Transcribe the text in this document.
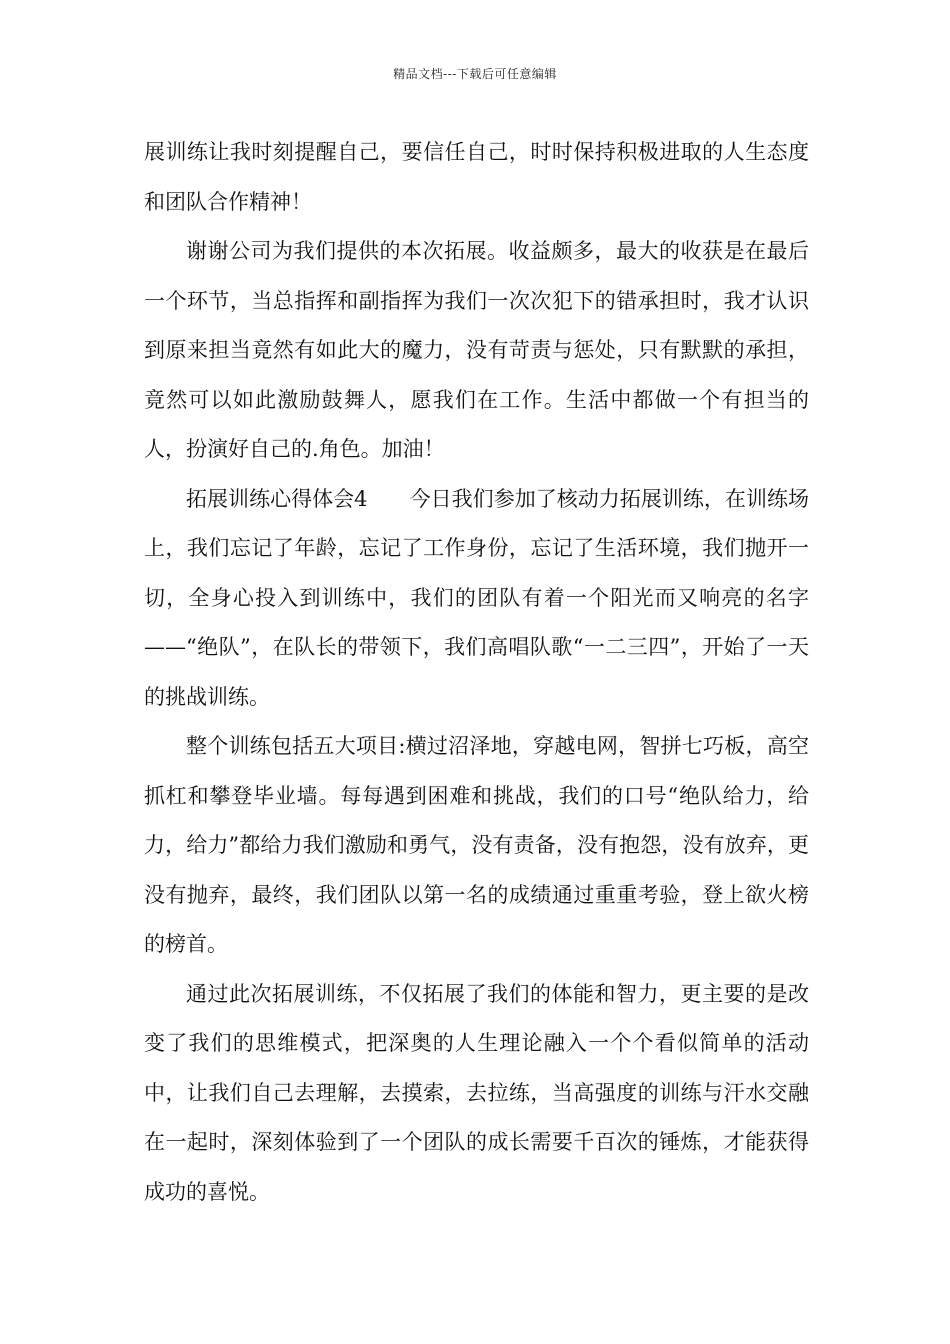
精品文档---下载后可任意编辑

展训练让我时刻提醒自己，要信任自己，时时保持积极进取的人生态度和团队合作精神！

谢谢公司为我们提供的本次拓展。收益颇多，最大的收获是在最后一个环节，当总指挥和副指挥为我们一次次犯下的错承担时，我才认识到原来担当竟然有如此大的魔力，没有苛责与惩处，只有默默的承担，竟然可以如此激励鼓舞人，愿我们在工作。生活中都做一个有担当的人，扮演好自己的.角色。加油！

拓展训练心得体会4　　今日我们参加了核动力拓展训练，在训练场上，我们忘记了年龄，忘记了工作身份，忘记了生活环境，我们抛开一切，全身心投入到训练中，我们的团队有着一个阳光而又响亮的名字——“绝队”，在队长的带领下，我们高唱队歌“一二三四”，开始了一天的挑战训练。

整个训练包括五大项目:横过沼泽地，穿越电网，智拼七巧板，高空抓杠和攀登毕业墙。每每遇到困难和挑战，我们的口号“绝队给力，给力，给力”都给力我们激励和勇气，没有责备，没有抱怨，没有放弃，更没有抛弃，最终，我们团队以第一名的成绩通过重重考验，登上欲火榜的榜首。

通过此次拓展训练，不仅拓展了我们的体能和智力，更主要的是改变了我们的思维模式，把深奥的人生理论融入一个个看似简单的活动中，让我们自己去理解，去摸索，去拉练，当高强度的训练与汗水交融在一起时，深刻体验到了一个团队的成长需要千百次的锤炼，才能获得成功的喜悦。
